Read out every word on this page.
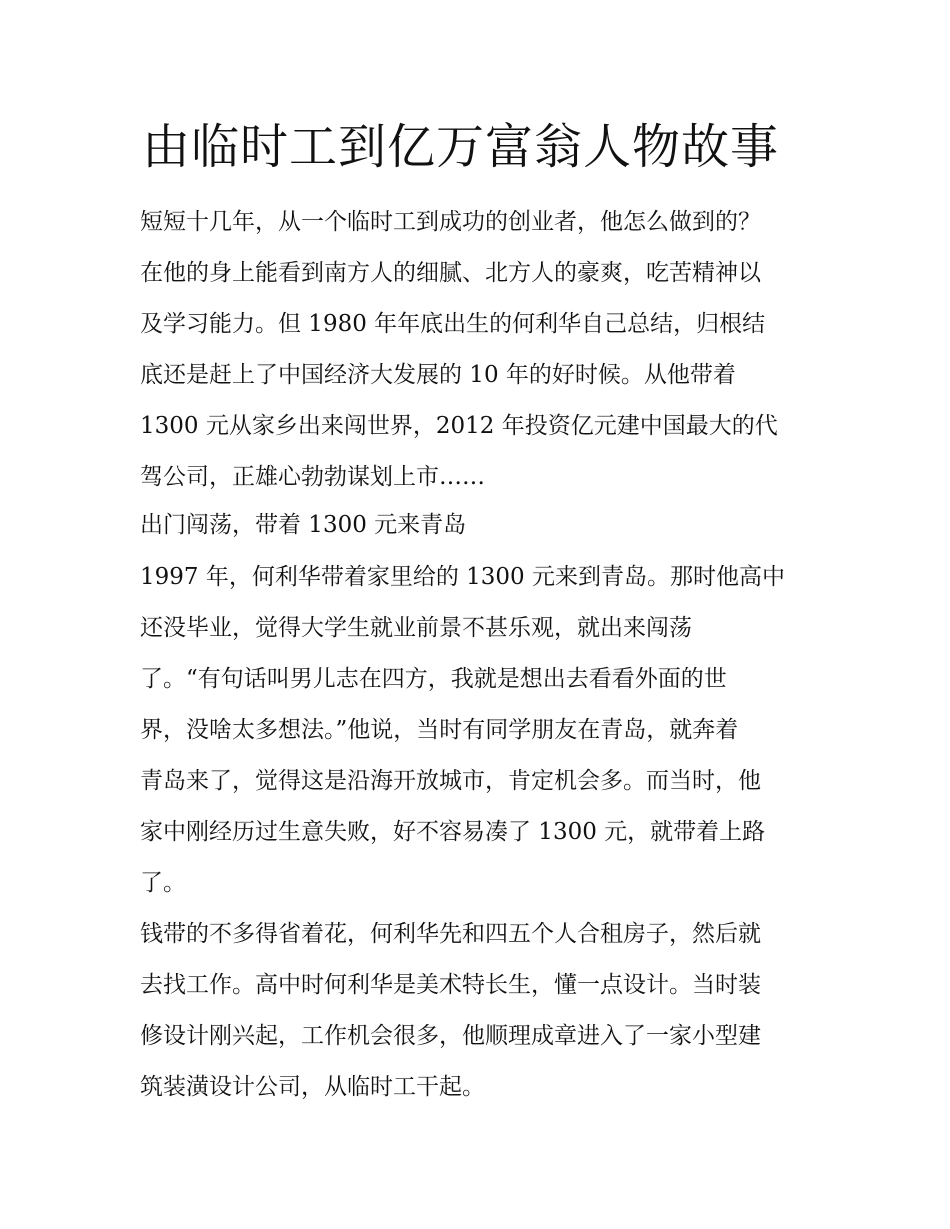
由临时工到亿万富翁人物故事

短短十几年，从一个临时工到成功的创业者，他怎么做到的？

在他的身上能看到南方人的细腻、北方人的豪爽，吃苦精神以

及学习能力。但 1980 年年底出生的何利华自己总结，归根结

底还是赶上了中国经济大发展的 10 年的好时候。从他带着

1300 元从家乡出来闯世界，2012 年投资亿元建中国最大的代

驾公司，正雄心勃勃谋划上市……

出门闯荡，带着 1300 元来青岛

1997 年，何利华带着家里给的 1300 元来到青岛。那时他高中

还没毕业，觉得大学生就业前景不甚乐观，就出来闯荡

了。“有句话叫男儿志在四方，我就是想出去看看外面的世

界，没啥太多想法。”他说，当时有同学朋友在青岛，就奔着

青岛来了，觉得这是沿海开放城市，肯定机会多。而当时，他

家中刚经历过生意失败，好不容易凑了 1300 元，就带着上路

了。

钱带的不多得省着花，何利华先和四五个人合租房子，然后就

去找工作。高中时何利华是美术特长生，懂一点设计。当时装

修设计刚兴起，工作机会很多，他顺理成章进入了一家小型建

筑装潢设计公司，从临时工干起。
